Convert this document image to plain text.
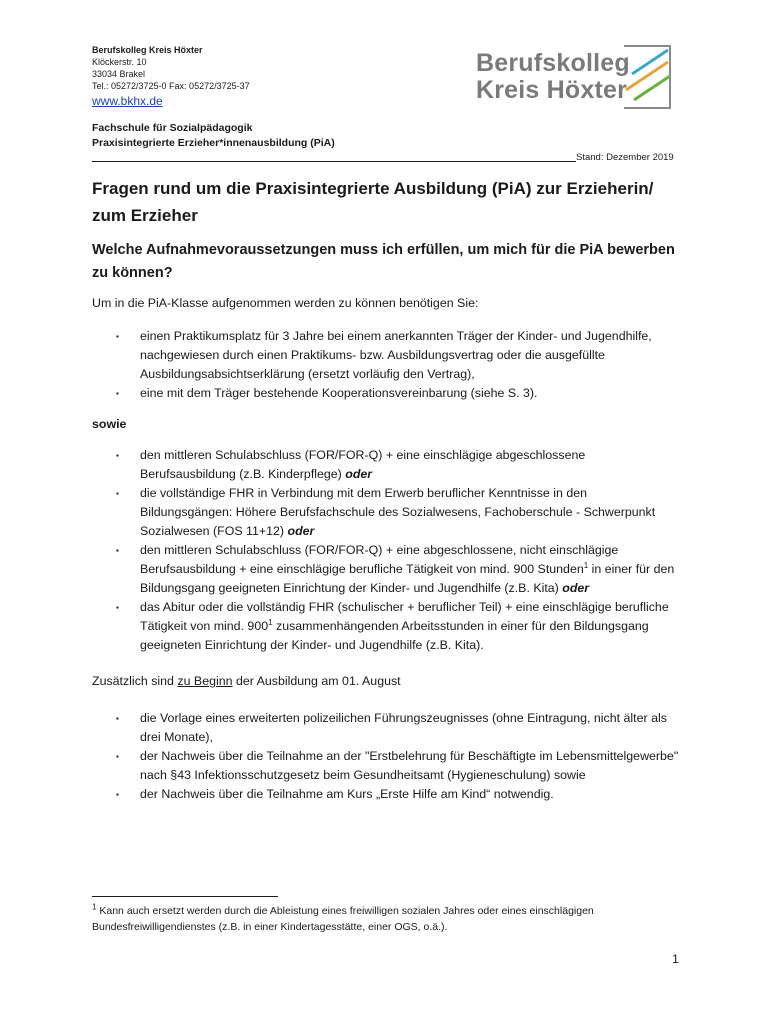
Berufskolleg Kreis Höxter
Klöckerstr. 10
33034 Brakel
Tel.: 05272/3725-0 Fax: 05272/3725-37
www.bkhx.de
Berufskolleg
Kreis Höxter
Fachschule für Sozialpädagogik
Praxisintegrierte Erzieher*innenausbildung (PiA)
Stand: Dezember 2019
Fragen rund um die Praxisintegrierte Ausbildung (PiA) zur Erzieherin/ zum Erzieher
Welche Aufnahmevoraussetzungen muss ich erfüllen, um mich für die PiA bewerben zu können?
Um in die PiA-Klasse aufgenommen werden zu können benötigen Sie:
▪ einen Praktikumsplatz für 3 Jahre bei einem anerkannten Träger der Kinder- und Jugendhilfe, nachgewiesen durch einen Praktikums- bzw. Ausbildungsvertrag oder die ausgefüllte Ausbildungsabsichtserklärung (ersetzt vorläufig den Vertrag),
▪ eine mit dem Träger bestehende Kooperationsvereinbarung (siehe S. 3).
sowie
▪ den mittleren Schulabschluss (FOR/FOR-Q) + eine einschlägige abgeschlossene Berufsausbildung (z.B. Kinderpflege) oder
▪ die vollständige FHR in Verbindung mit dem Erwerb beruflicher Kenntnisse in den Bildungsgängen: Höhere Berufsfachschule des Sozialwesens, Fachoberschule - Schwerpunkt Sozialwesen (FOS 11+12) oder
▪ den mittleren Schulabschluss (FOR/FOR-Q) + eine abgeschlossene, nicht einschlägige Berufsausbildung + eine einschlägige berufliche Tätigkeit von mind. 900 Stunden$^1$ in einer für den Bildungsgang geeigneten Einrichtung der Kinder- und Jugendhilfe (z.B. Kita) oder
▪ das Abitur oder die vollständig FHR (schulischer + beruflicher Teil) + eine einschlägige berufliche Tätigkeit von mind. $900^1$ zusammenhängenden Arbeitsstunden in einer für den Bildungsgang geeigneten Einrichtung der Kinder- und Jugendhilfe (z.B. Kita).
Zusätzlich sind zu Beginn der Ausbildung am 01. August
▪ die Vorlage eines erweiterten polizeilichen Führungszeugnisses (ohne Eintragung, nicht älter als drei Monate),
▪ der Nachweis über die Teilnahme an der "Erstbelehrung für Beschäftigte im Lebensmittelgewerbe" nach §43 Infektionsschutzgesetz beim Gesundheitsamt (Hygieneschulung) sowie
▪ der Nachweis über die Teilnahme am Kurs „Erste Hilfe am Kind“ notwendig.
$^1$ Kann auch ersetzt werden durch die Ableistung eines freiwilligen sozialen Jahres oder eines einschlägigen Bundesfreiwilligendienstes (z.B. in einer Kindertagesstätte, einer OGS, o.ä.).
1
